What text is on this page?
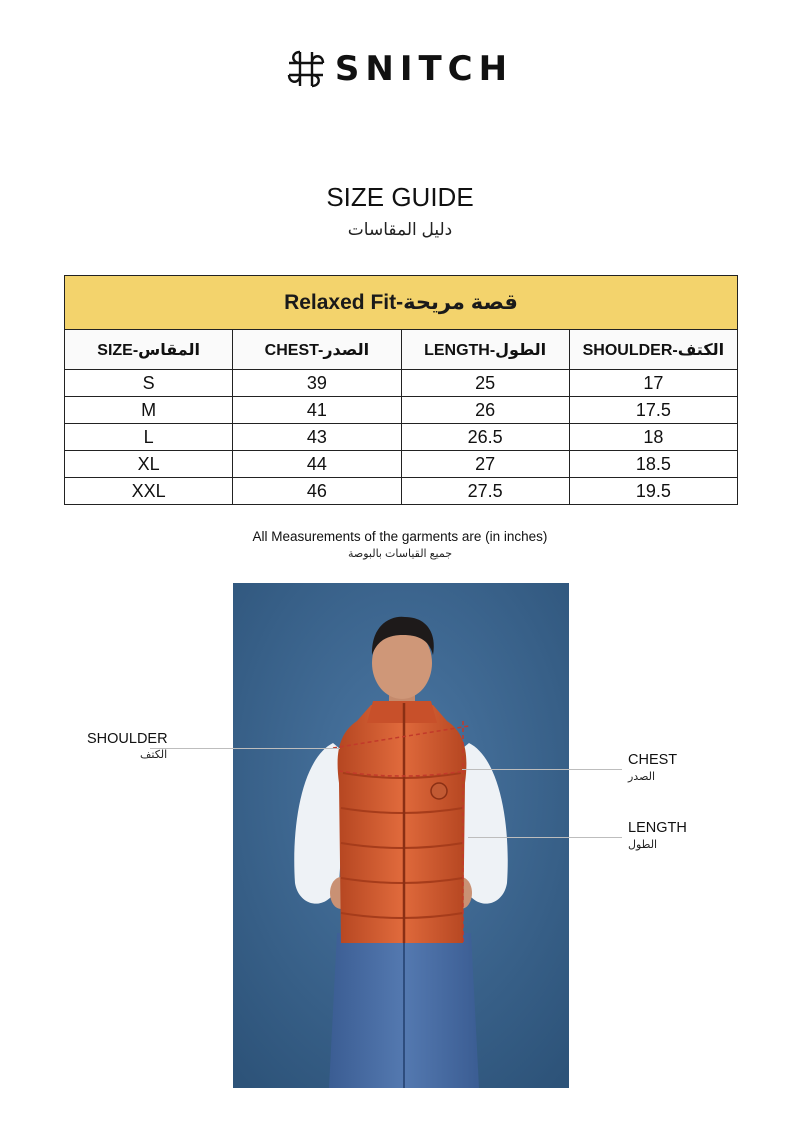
SNITCH
SIZE GUIDE
دليل المقاسات
Relaxed Fit-قصة مريحة			
SIZE-المقاس	CHEST-الصدر	LENGTH-الطول	SHOULDER-الكتف
S	39	25	17
M	41	26	17.5
L	43	26.5	18
XL	44	27	18.5
XXL	46	27.5	19.5
All Measurements of the garments are (in inches)
جميع القياسات بالبوصة
SHOULDER
الكتف	CHEST
الصدر
LENGTH
الطول
